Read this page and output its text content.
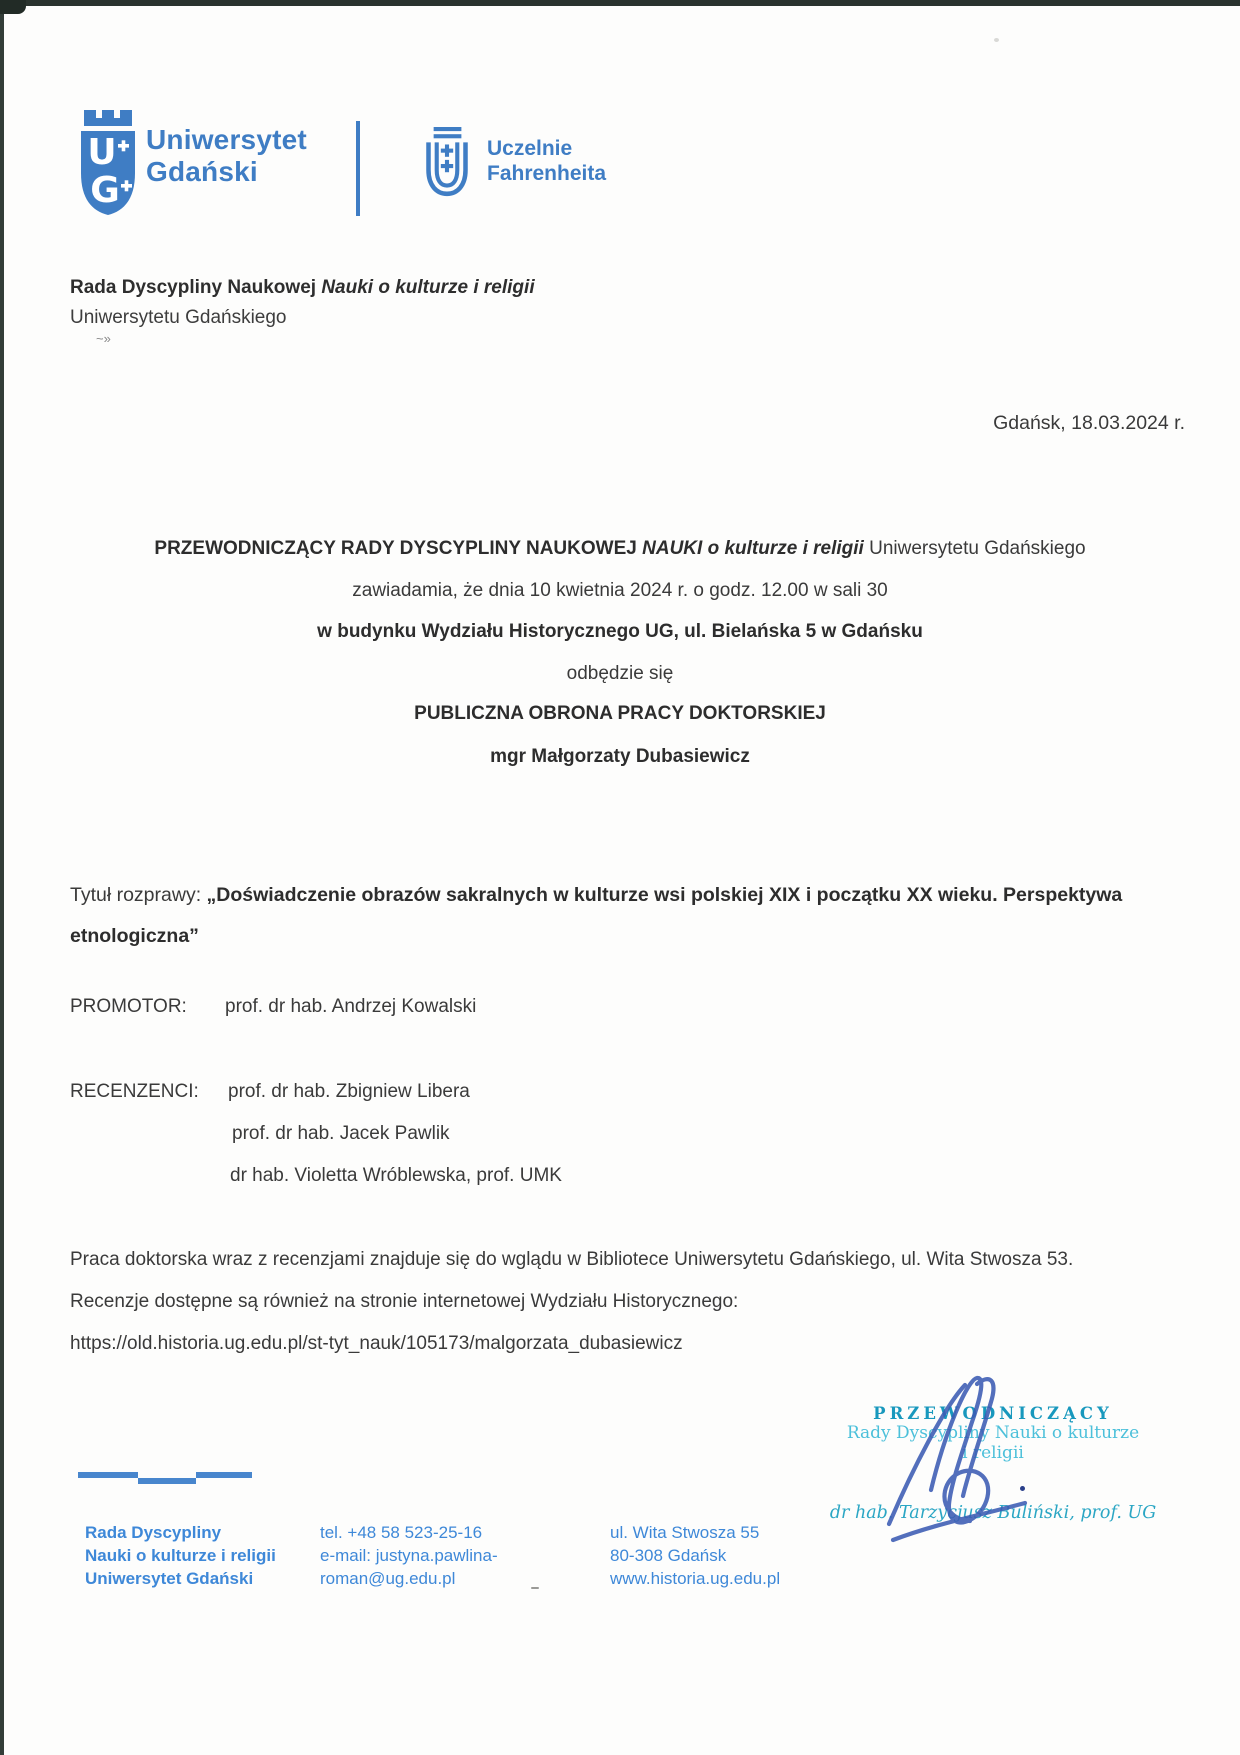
U
G
Uniwersytet
Gdański
Uczelnie
Fahrenheita
Rada Dyscypliny Naukowej Nauki o kulturze i religii
Uniwersytetu Gdańskiego
~»
Gdańsk, 18.03.2024 r.
PRZEWODNICZĄCY RADY DYSCYPLINY NAUKOWEJ NAUKI o kulturze i religii Uniwersytetu Gdańskiego
zawiadamia, że dnia 10 kwietnia 2024 r. o godz. 12.00 w sali 30
w budynku Wydziału Historycznego UG, ul. Bielańska 5 w Gdańsku
odbędzie się
PUBLICZNA OBRONA PRACY DOKTORSKIEJ
mgr Małgorzaty Dubasiewicz
Tytuł rozprawy: „Doświadczenie obrazów sakralnych w kulturze wsi polskiej XIX i początku XX wieku. Perspektywa
etnologiczna”
PROMOTOR: prof. dr hab. Andrzej Kowalski
RECENZENCI: prof. dr hab. Zbigniew Libera
prof. dr hab. Jacek Pawlik
dr hab. Violetta Wróblewska, prof. UMK
Praca doktorska wraz z recenzjami znajduje się do wglądu w Bibliotece Uniwersytetu Gdańskiego, ul. Wita Stwosza 53.
Recenzje dostępne są również na stronie internetowej Wydziału Historycznego:
https://old.historia.ug.edu.pl/st-tyt_nauk/105173/malgorzata_dubasiewicz
PRZEWODNICZĄCY
Rady Dyscypliny Nauki o kulturze
i religii
dr hab. Tarzycjusz Buliński, prof. UG
Rada Dyscypliny
Nauki o kulturze i religii
Uniwersytet Gdański
tel. +48 58 523-25-16
e-mail: justyna.pawlina-
roman@ug.edu.pl
ul. Wita Stwosza 55
80-308 Gdańsk
www.historia.ug.edu.pl
